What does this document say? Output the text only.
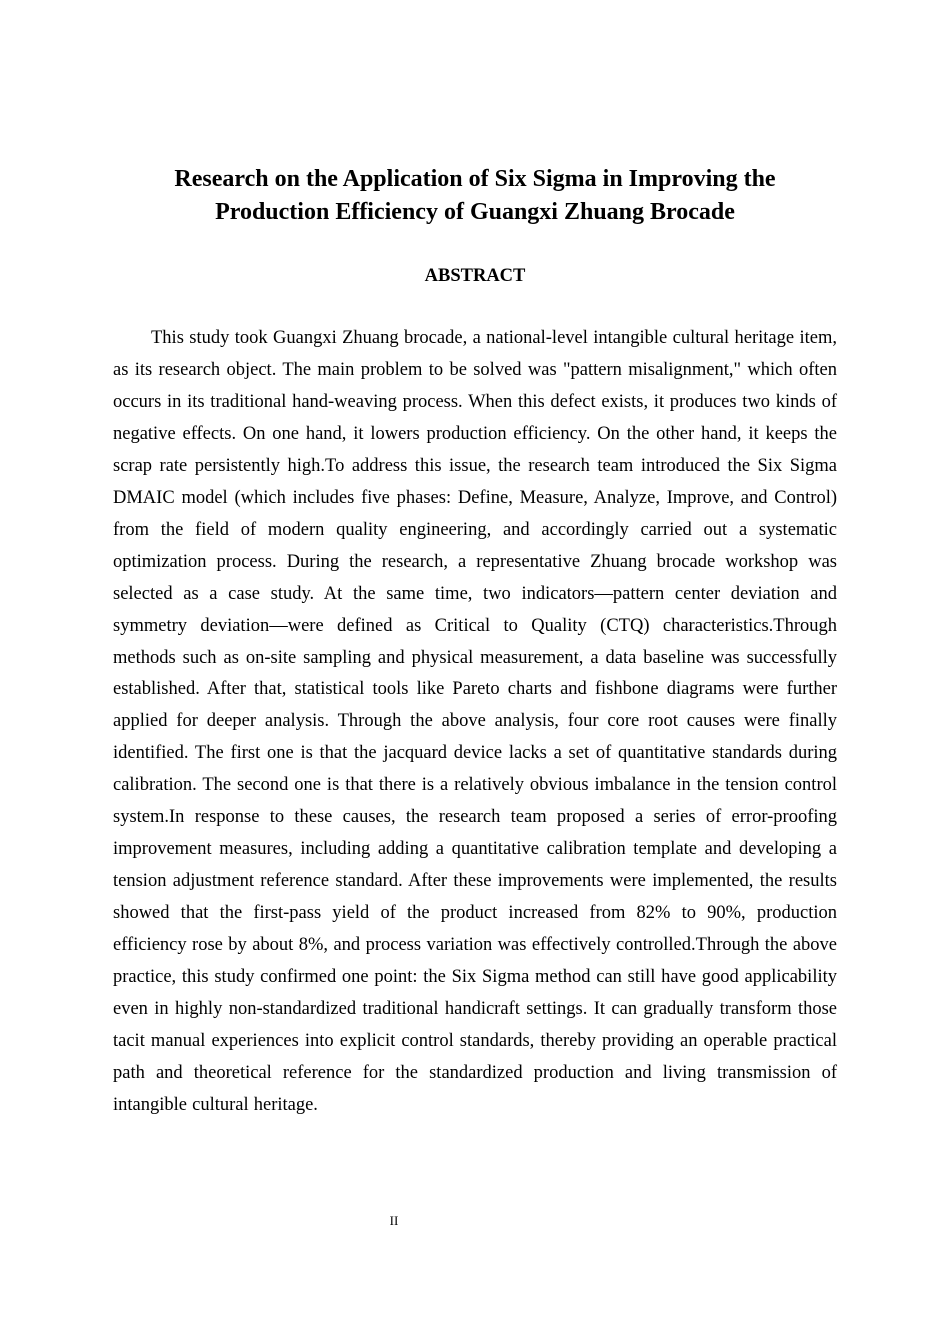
Research on the Application of Six Sigma in Improving the
Production Efficiency of Guangxi Zhuang Brocade
ABSTRACT

This study took Guangxi Zhuang brocade, a national-level intangible cultural heritage item, as its research object. The main problem to be solved was "pattern misalignment," which often occurs in its traditional hand-weaving process. When this defect exists, it produces two kinds of negative effects. On one hand, it lowers production efficiency. On the other hand, it keeps the scrap rate persistently high.To address this issue, the research team introduced the Six Sigma DMAIC model (which includes five phases: Define, Measure, Analyze, Improve, and Control) from the field of modern quality engineering, and accordingly carried out a systematic optimization process. During the research, a representative Zhuang brocade workshop was selected as a case study. At the same time, two indicators—pattern center deviation and symmetry deviation—were defined as Critical to Quality (CTQ) characteristics.Through methods such as on-site sampling and physical measurement, a data baseline was successfully established. After that, statistical tools like Pareto charts and fishbone diagrams were further applied for deeper analysis. Through the above analysis, four core root causes were finally identified. The first one is that the jacquard device lacks a set of quantitative standards during calibration. The second one is that there is a relatively obvious imbalance in the tension control system.In response to these causes, the research team proposed a series of error-proofing improvement measures, including adding a quantitative calibration template and developing a tension adjustment reference standard. After these improvements were implemented, the results showed that the first-pass yield of the product increased from 82% to 90%, production efficiency rose by about 8%, and process variation was effectively controlled.Through the above practice, this study confirmed one point: the Six Sigma method can still have good applicability even in highly non-standardized traditional handicraft settings. It can gradually transform those tacit manual experiences into explicit control standards, thereby providing an operable practical path and theoretical reference for the standardized production and living transmission of intangible cultural heritage.

II
